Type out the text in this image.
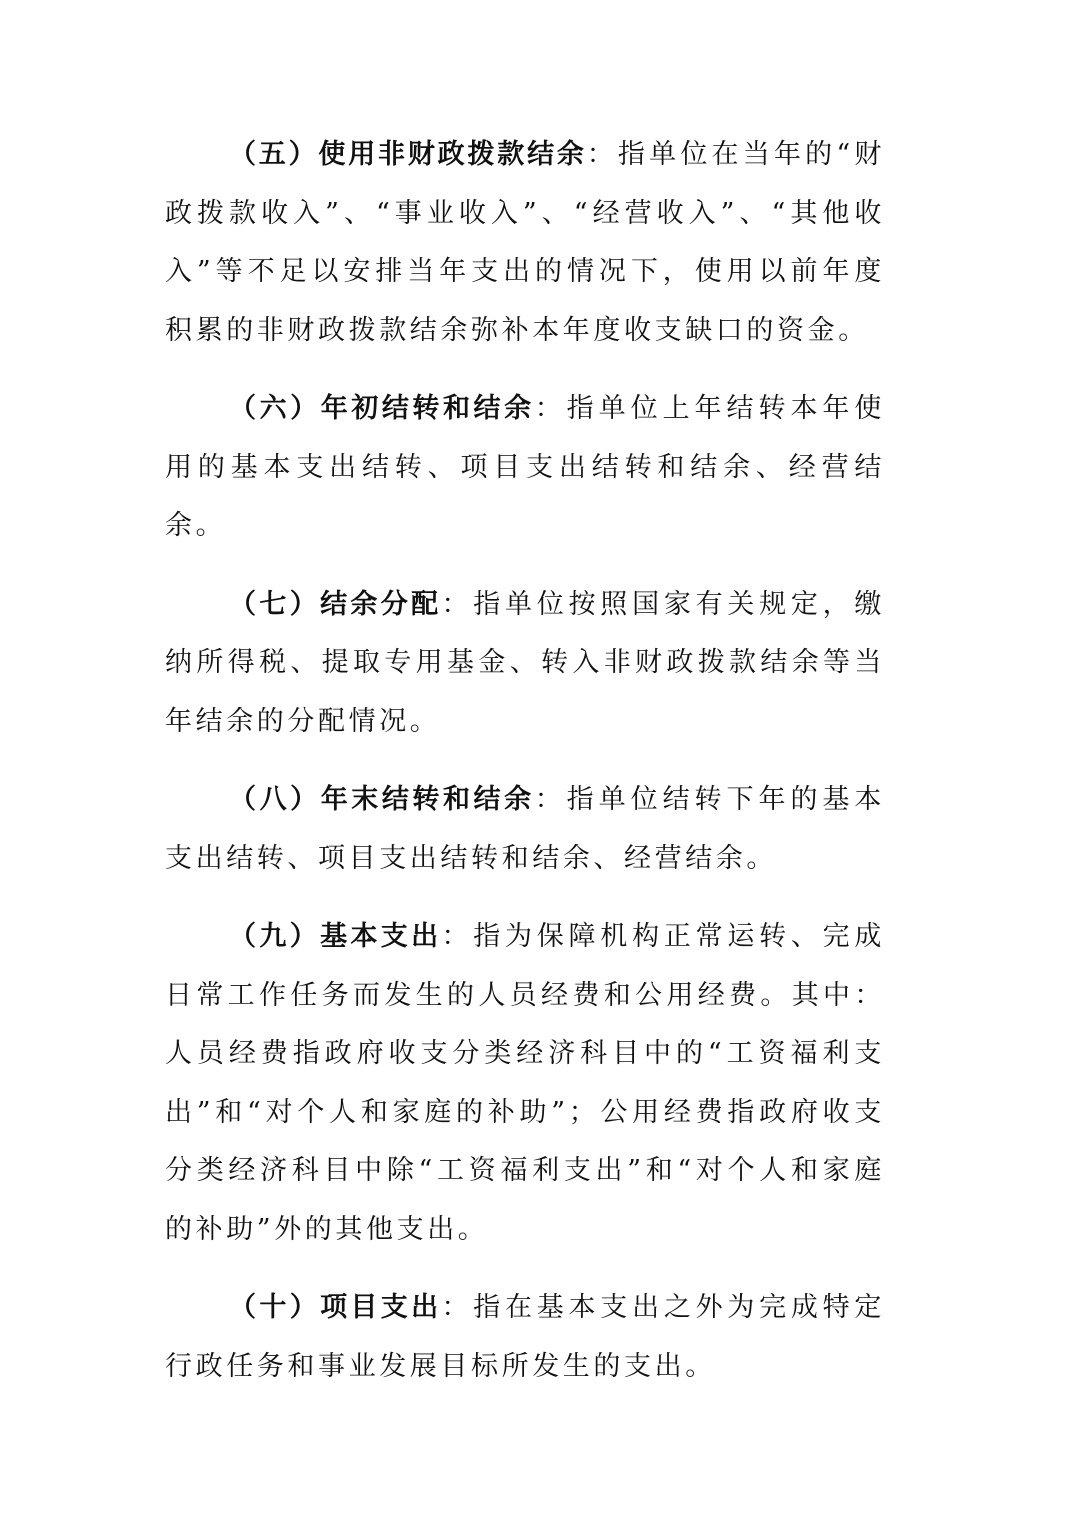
（五）使用非财政拨款结余：指单位在当年的“财政拨款收入”、“事业收入”、“经营收入”、“其他收入”等不足以安排当年支出的情况下，使用以前年度积累的非财政拨款结余弥补本年度收支缺口的资金。

（六）年初结转和结余：指单位上年结转本年使用的基本支出结转、项目支出结转和结余、经营结余。

（七）结余分配：指单位按照国家有关规定，缴纳所得税、提取专用基金、转入非财政拨款结余等当年结余的分配情况。

（八）年末结转和结余：指单位结转下年的基本支出结转、项目支出结转和结余、经营结余。

（九）基本支出：指为保障机构正常运转、完成日常工作任务而发生的人员经费和公用经费。其中：人员经费指政府收支分类经济科目中的“工资福利支出”和“对个人和家庭的补助”；公用经费指政府收支分类经济科目中除“工资福利支出”和“对个人和家庭的补助”外的其他支出。

（十）项目支出：指在基本支出之外为完成特定行政任务和事业发展目标所发生的支出。
